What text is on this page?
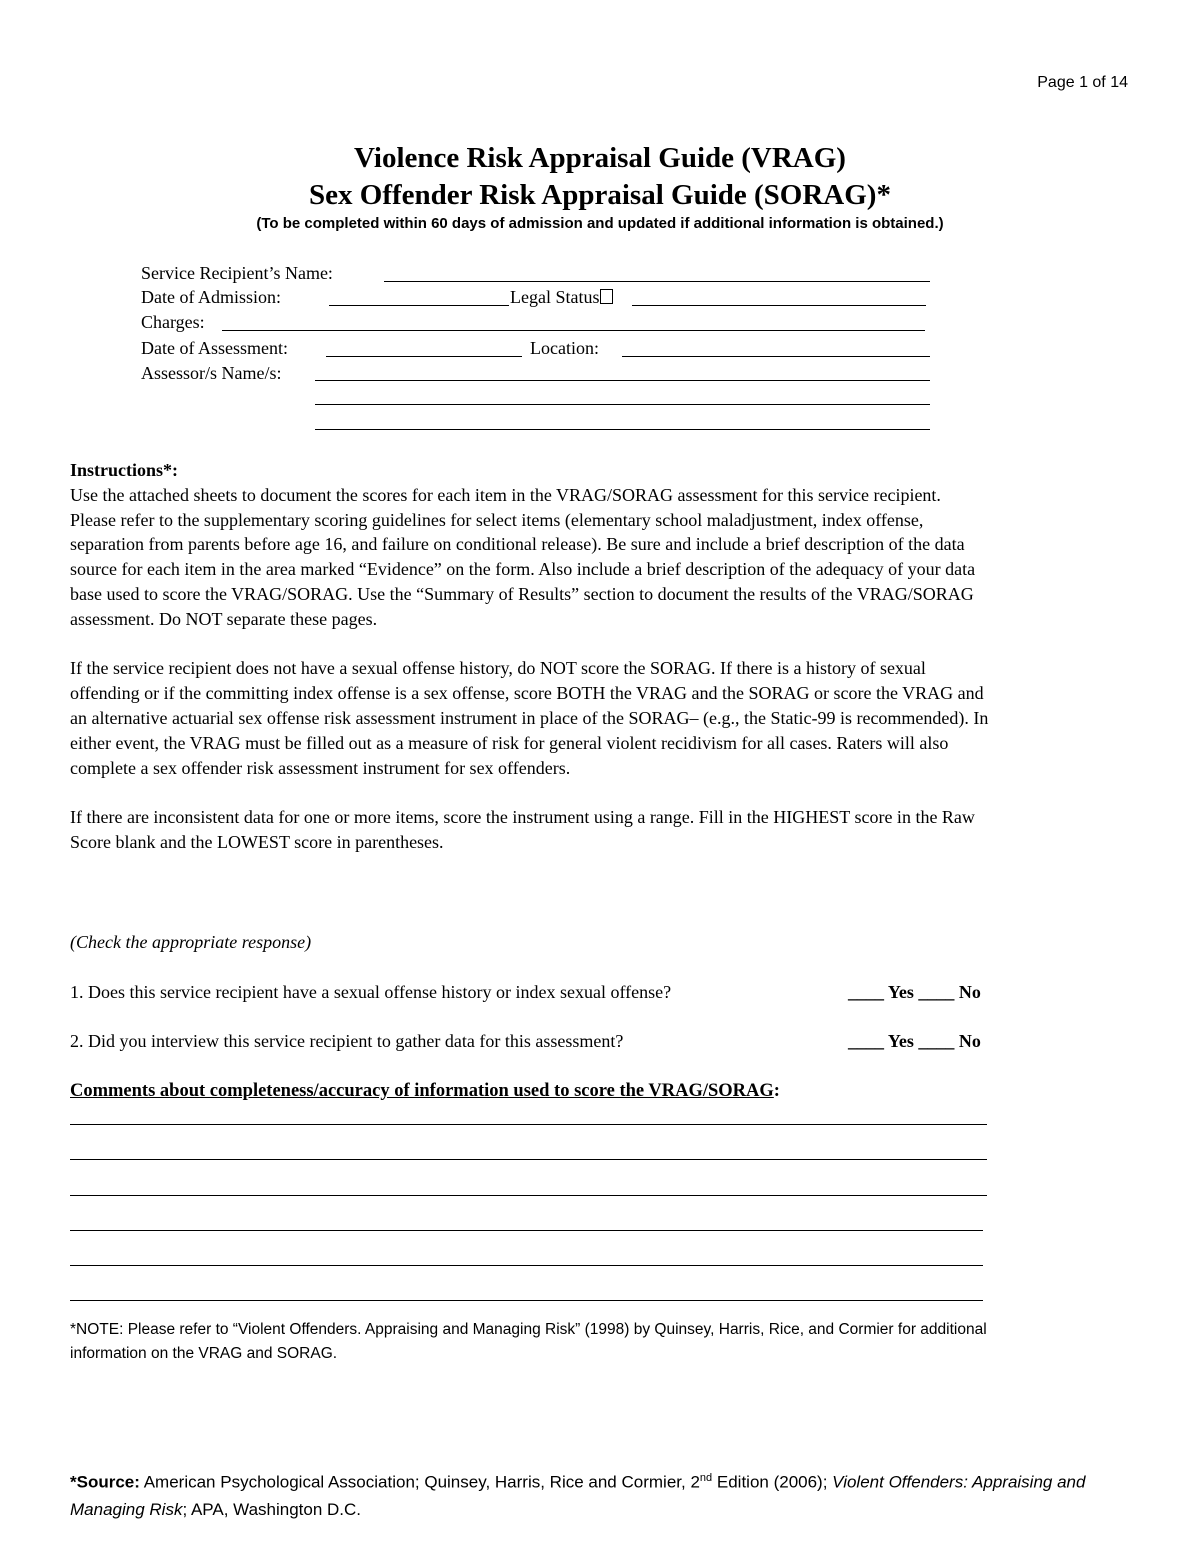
Page 1 of 14
Violence Risk Appraisal Guide (VRAG)
Sex Offender Risk Appraisal Guide (SORAG)*
(To be completed within 60 days of admission and updated if additional information is obtained.)
Service Recipient’s Name:
Date of Admission:	Legal Status
Charges:
Date of Assessment:	Location:
Assessor/s Name/s:

Instructions*:

Use the attached sheets to document the scores for each item in the VRAG/SORAG assessment for this service recipient. Please refer to the supplementary scoring guidelines for select items (elementary school maladjustment, index offense, separation from parents before age 16, and failure on conditional release). Be sure and include a brief description of the data source for each item in the area marked “Evidence” on the form. Also include a brief description of the adequacy of your data base used to score the VRAG/SORAG. Use the “Summary of Results” section to document the results of the VRAG/SORAG assessment. Do NOT separate these pages.

If the service recipient does not have a sexual offense history, do NOT score the SORAG. If there is a history of sexual offending or if the committing index offense is a sex offense, score BOTH the VRAG and the SORAG or score the VRAG and an alternative actuarial sex offense risk assessment instrument in place of the SORAG– (e.g., the Static-99 is recommended). In either event, the VRAG must be filled out as a measure of risk for general violent recidivism for all cases. Raters will also complete a sex offender risk assessment instrument for sex offenders.

If there are inconsistent data for one or more items, score the instrument using a range. Fill in the HIGHEST score in the Raw Score blank and the LOWEST score in parentheses.

(Check the appropriate response)
1. Does this service recipient have a sexual offense history or index sexual offense?	____ Yes ____ No
2. Did you interview this service recipient to gather data for this assessment?	____ Yes ____ No
Comments about completeness/accuracy of information used to score the VRAG/SORAG:
*NOTE: Please refer to “Violent Offenders. Appraising and Managing Risk” (1998) by Quinsey, Harris, Rice, and Cormier for additional information on the VRAG and SORAG.
*Source: American Psychological Association; Quinsey, Harris, Rice and Cormier, 2nd Edition (2006); Violent Offenders: Appraising and Managing Risk; APA, Washington D.C.
